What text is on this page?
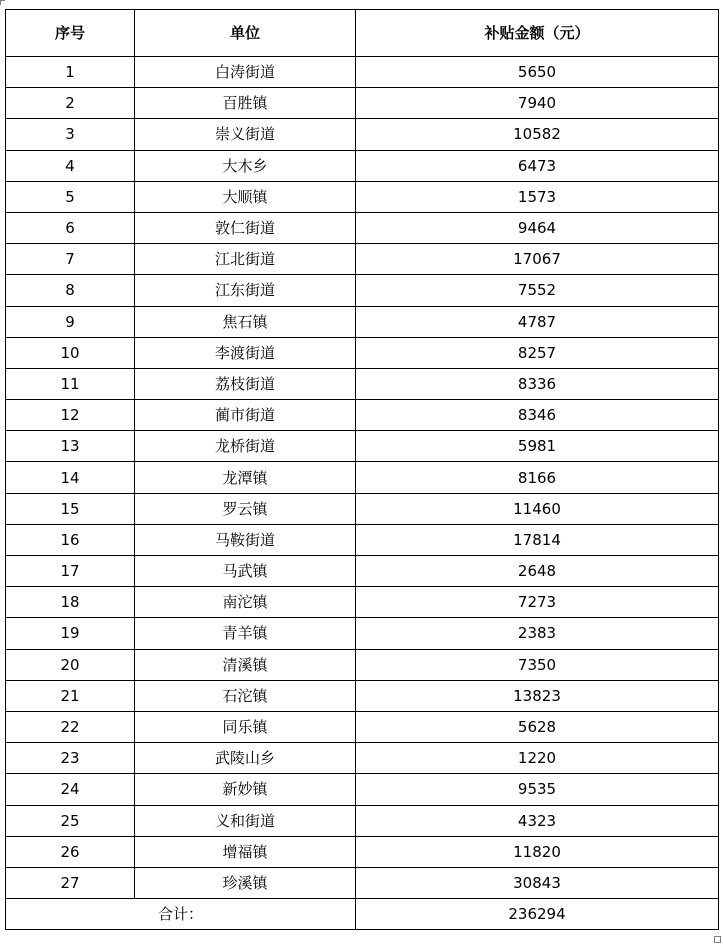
序号	单位	补贴金额（元）
1	白涛街道	5650
2	百胜镇	7940
3	崇义街道	10582
4	大木乡	6473
5	大顺镇	1573
6	敦仁街道	9464
7	江北街道	17067
8	江东街道	7552
9	焦石镇	4787
10	李渡街道	8257
11	荔枝街道	8336
12	蔺市街道	8346
13	龙桥街道	5981
14	龙潭镇	8166
15	罗云镇	11460
16	马鞍街道	17814
17	马武镇	2648
18	南沱镇	7273
19	青羊镇	2383
20	清溪镇	7350
21	石沱镇	13823
22	同乐镇	5628
23	武陵山乡	1220
24	新妙镇	9535
25	义和街道	4323
26	增福镇	11820
27	珍溪镇	30843
合计：		236294
